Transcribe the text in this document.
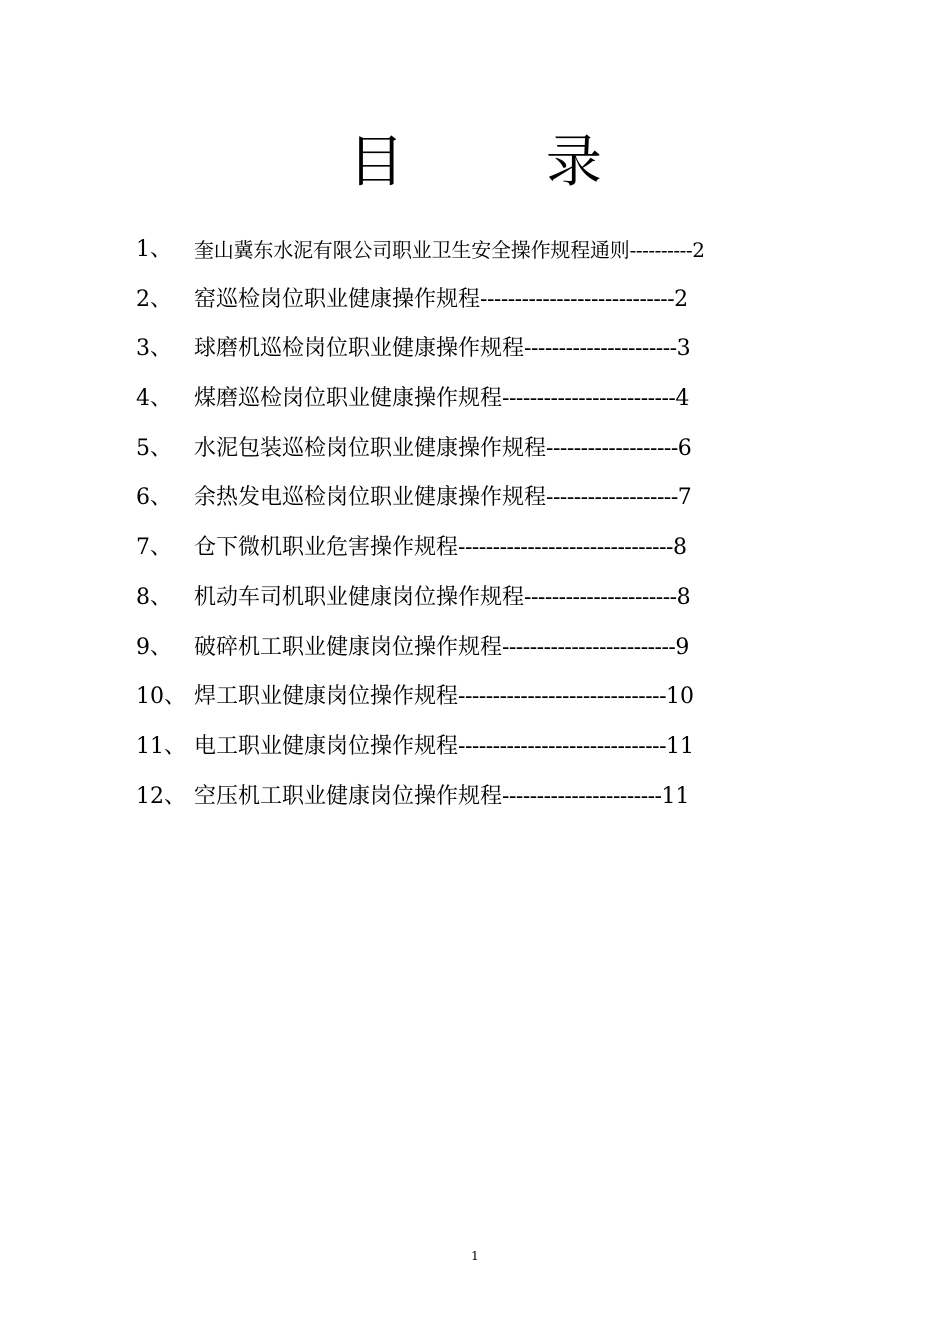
目 录
1、	奎山冀东水泥有限公司职业卫生安全操作规程通则----------2
2、	窑巡检岗位职业健康操作规程----------------------------2
3、	球磨机巡检岗位职业健康操作规程----------------------3
4、	煤磨巡检岗位职业健康操作规程-------------------------4
5、	水泥包装巡检岗位职业健康操作规程-------------------6
6、	余热发电巡检岗位职业健康操作规程-------------------7
7、	仓下微机职业危害操作规程-------------------------------8
8、	机动车司机职业健康岗位操作规程----------------------8
9、	破碎机工职业健康岗位操作规程-------------------------9
10、 焊工职业健康岗位操作规程------------------------------10
11、 电工职业健康岗位操作规程------------------------------11
12、 空压机工职业健康岗位操作规程-----------------------11
1
